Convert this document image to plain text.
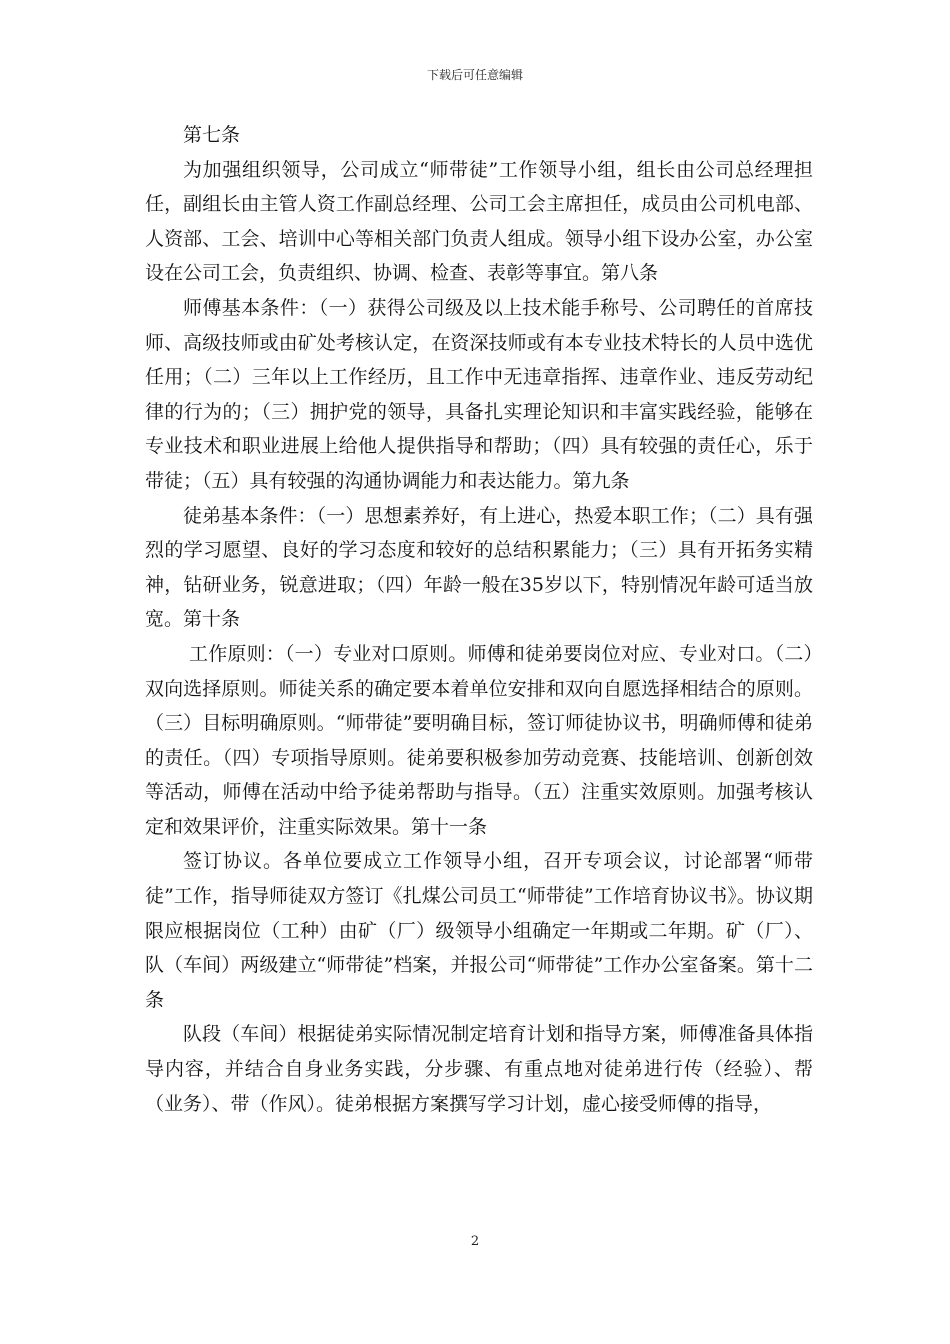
下载后可任意编辑

第七条

为加强组织领导，公司成立“师带徒”工作领导小组，组长由公司总经理担任，副组长由主管人资工作副总经理、公司工会主席担任，成员由公司机电部、人资部、工会、培训中心等相关部门负责人组成。领导小组下设办公室，办公室设在公司工会，负责组织、协调、检查、表彰等事宜。第八条

师傅基本条件：（一）获得公司级及以上技术能手称号、公司聘任的首席技师、高级技师或由矿处考核认定，在资深技师或有本专业技术特长的人员中选优任用；（二）三年以上工作经历，且工作中无违章指挥、违章作业、违反劳动纪律的行为的；（三）拥护党的领导，具备扎实理论知识和丰富实践经验，能够在专业技术和职业进展上给他人提供指导和帮助；（四）具有较强的责任心，乐于带徒；（五）具有较强的沟通协调能力和表达能力。第九条

徒弟基本条件：（一）思想素养好，有上进心，热爱本职工作；（二）具有强烈的学习愿望、良好的学习态度和较好的总结积累能力；（三）具有开拓务实精神，钻研业务，锐意进取；（四）年龄一般在35岁以下，特别情况年龄可适当放宽。第十条

工作原则：（一）专业对口原则。师傅和徒弟要岗位对应、专业对口。（二）双向选择原则。师徒关系的确定要本着单位安排和双向自愿选择相结合的原则。（三）目标明确原则。“师带徒”要明确目标，签订师徒协议书，明确师傅和徒弟的责任。（四）专项指导原则。徒弟要积极参加劳动竞赛、技能培训、创新创效等活动，师傅在活动中给予徒弟帮助与指导。（五）注重实效原则。加强考核认定和效果评价，注重实际效果。第十一条

签订协议。各单位要成立工作领导小组，召开专项会议，讨论部署“师带徒”工作，指导师徒双方签订《扎煤公司员工“师带徒”工作培育协议书》。协议期限应根据岗位（工种）由矿（厂）级领导小组确定一年期或二年期。矿（厂）、队（车间）两级建立“师带徒”档案，并报公司“师带徒”工作办公室备案。第十二条

队段（车间）根据徒弟实际情况制定培育计划和指导方案，师傅准备具体指导内容，并结合自身业务实践，分步骤、有重点地对徒弟进行传（经验）、帮（业务）、带（作风）。徒弟根据方案撰写学习计划，虚心接受师傅的指导，

2
